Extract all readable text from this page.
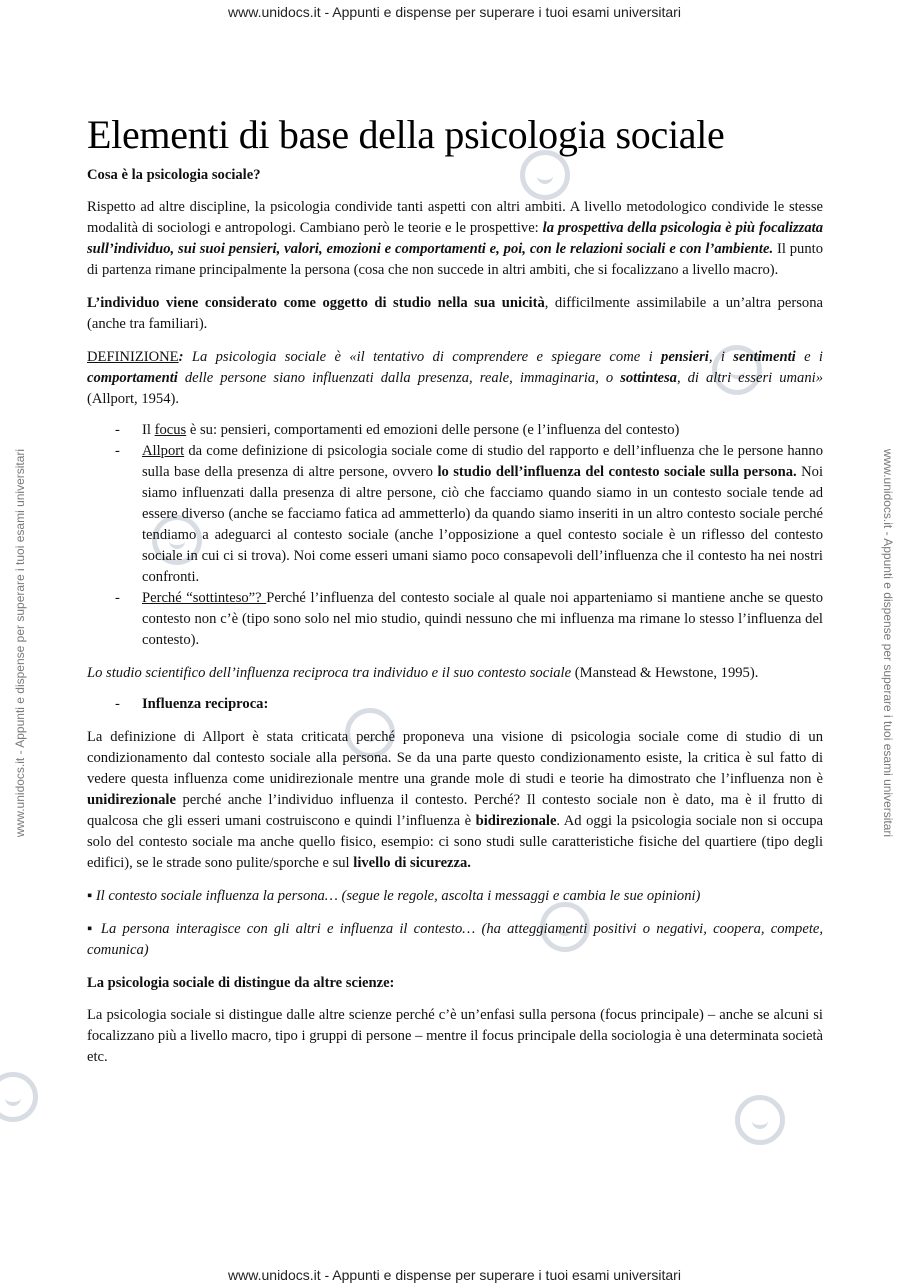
www.unidocs.it - Appunti e dispense per superare i tuoi esami universitari
www.unidocs.it - Appunti e dispense per superare i tuoi esami universitari
www.unidocs.it - Appunti e dispense per superare i tuoi esami universitari	www.unidocs.it - Appunti e dispense per superare i tuoi esami universitari
Elementi di base della psicologia sociale

Cosa è la psicologia sociale?

Rispetto ad altre discipline, la psicologia condivide tanti aspetti con altri ambiti. A livello metodologico condivide le stesse modalità di sociologi e antropologi. Cambiano però le teorie e le prospettive: la prospettiva della psicologia è più focalizzata sull’individuo, sui suoi pensieri, valori, emozioni e comportamenti e, poi, con le relazioni sociali e con l’ambiente. Il punto di partenza rimane principalmente la persona (cosa che non succede in altri ambiti, che si focalizzano a livello macro).

L’individuo viene considerato come oggetto di studio nella sua unicità, difficilmente assimilabile a un’altra persona (anche tra familiari).

DEFINIZIONE: La psicologia sociale è «il tentativo di comprendere e spiegare come i pensieri, i sentimenti e i comportamenti delle persone siano influenzati dalla presenza, reale, immaginaria, o sottintesa, di altri esseri umani» (Allport, 1954).

- Il focus è su: pensieri, comportamenti ed emozioni delle persone (e l’influenza del contesto)
- Allport da come definizione di psicologia sociale come di studio del rapporto e dell’influenza che le persone hanno sulla base della presenza di altre persone, ovvero lo studio dell’influenza del contesto sociale sulla persona. Noi siamo influenzati dalla presenza di altre persone, ciò che facciamo quando siamo in un contesto sociale tende ad essere diverso (anche se facciamo fatica ad ammetterlo) da quando siamo inseriti in un altro contesto sociale perché tendiamo a adeguarci al contesto sociale (anche l’opposizione a quel contesto sociale è un riflesso del contesto sociale in cui ci si trova). Noi come esseri umani siamo poco consapevoli dell’influenza che il contesto ha nei nostri confronti.
- Perché “sottinteso”? Perché l’influenza del contesto sociale al quale noi apparteniamo si mantiene anche se questo contesto non c’è (tipo sono solo nel mio studio, quindi nessuno che mi influenza ma rimane lo stesso l’influenza del contesto).

Lo studio scientifico dell’influenza reciproca tra individuo e il suo contesto sociale (Manstead & Hewstone, 1995).

- Influenza reciproca:

La definizione di Allport è stata criticata perché proponeva una visione di psicologia sociale come di studio di un condizionamento dal contesto sociale alla persona. Se da una parte questo condizionamento esiste, la critica è sul fatto di vedere questa influenza come unidirezionale mentre una grande mole di studi e teorie ha dimostrato che l’influenza non è unidirezionale perché anche l’individuo influenza il contesto. Perché? Il contesto sociale non è dato, ma è il frutto di qualcosa che gli esseri umani costruiscono e quindi l’influenza è bidirezionale. Ad oggi la psicologia sociale non si occupa solo del contesto sociale ma anche quello fisico, esempio: ci sono studi sulle caratteristiche fisiche del quartiere (tipo degli edifici), se le strade sono pulite/sporche e sul livello di sicurezza.

▪ Il contesto sociale influenza la persona… (segue le regole, ascolta i messaggi e cambia le sue opinioni)

▪ La persona interagisce con gli altri e influenza il contesto… (ha atteggiamenti positivi o negativi, coopera, compete, comunica)

La psicologia sociale di distingue da altre scienze:

La psicologia sociale si distingue dalle altre scienze perché c’è un’enfasi sulla persona (focus principale) – anche se alcuni si focalizzano più a livello macro, tipo i gruppi di persone – mentre il focus principale della sociologia è una determinata società etc.
